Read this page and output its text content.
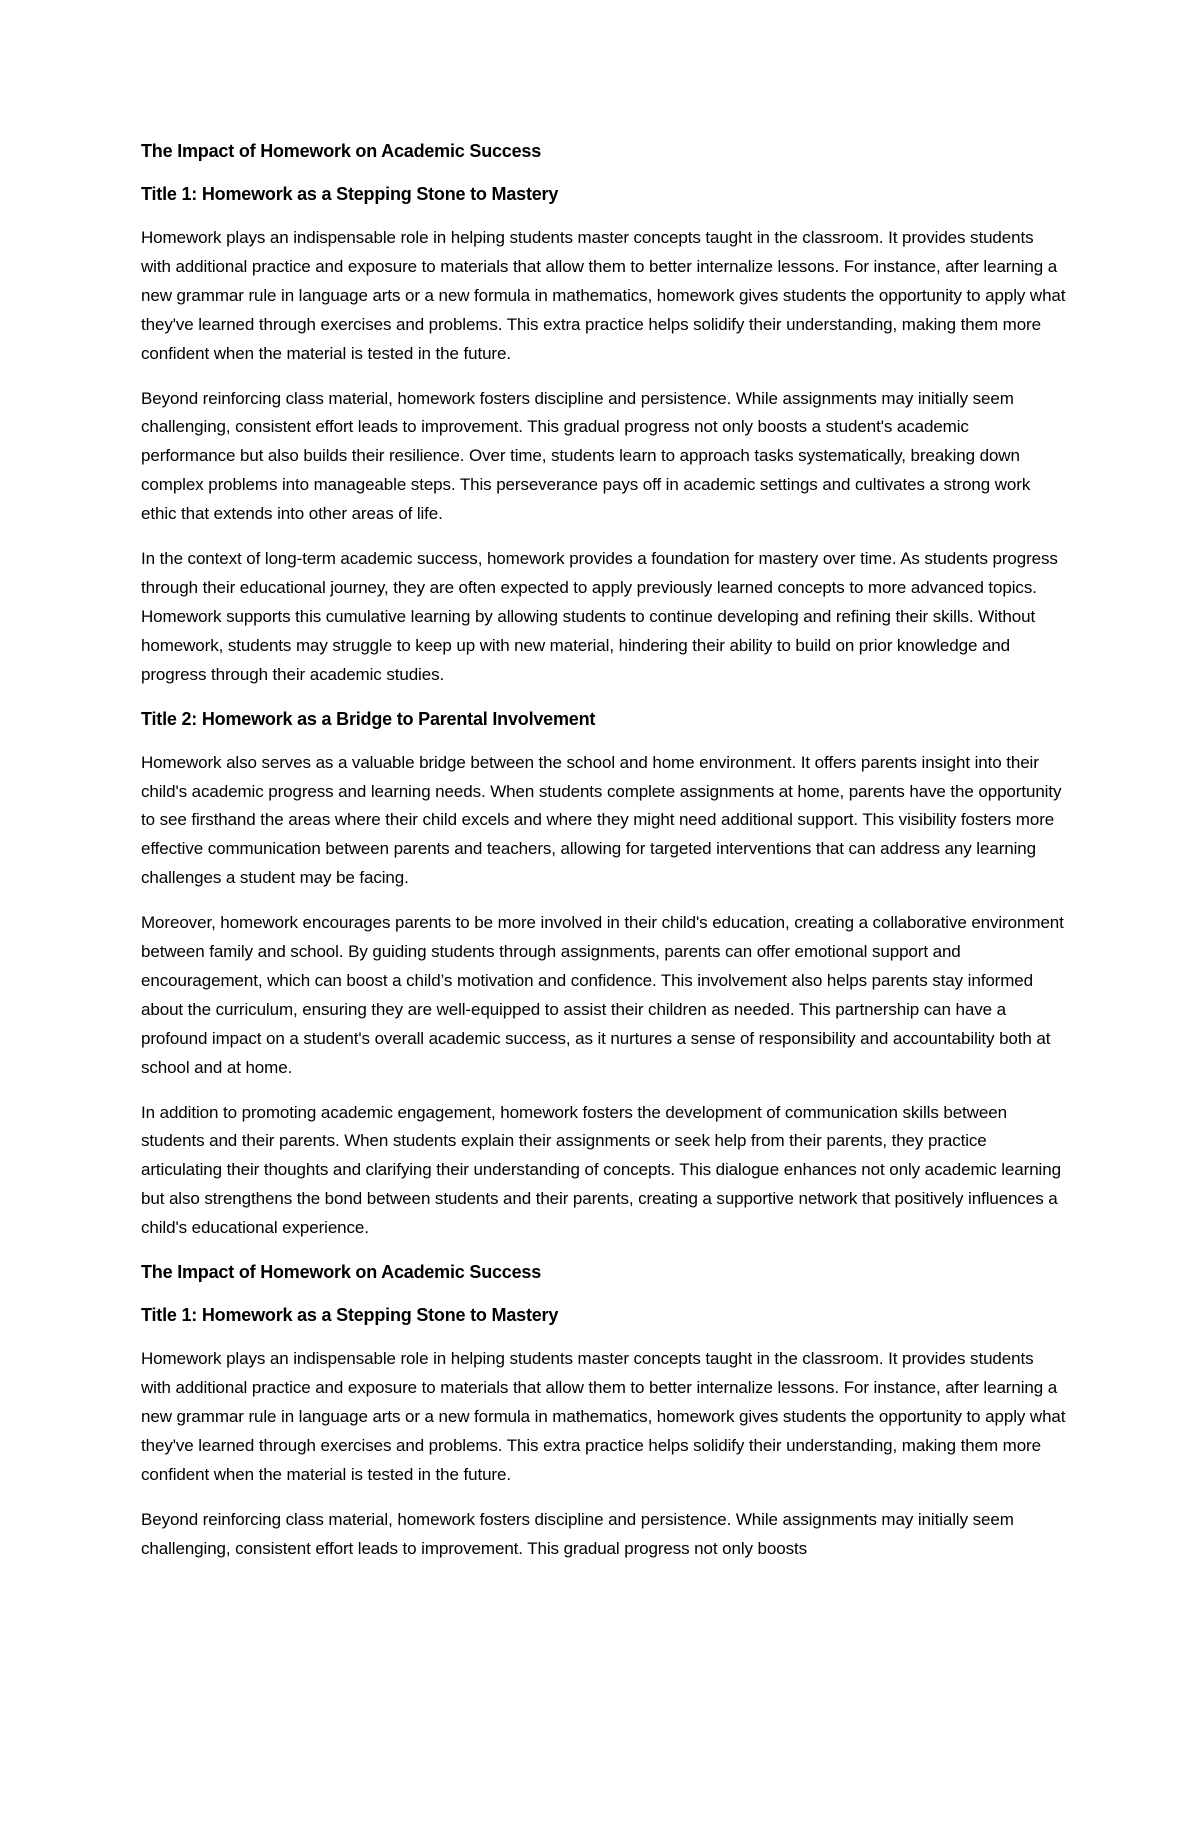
The Impact of Homework on Academic Success
Title 1: Homework as a Stepping Stone to Mastery

Homework plays an indispensable role in helping students master concepts taught in the classroom. It provides students with additional practice and exposure to materials that allow them to better internalize lessons. For instance, after learning a new grammar rule in language arts or a new formula in mathematics, homework gives students the opportunity to apply what they've learned through exercises and problems. This extra practice helps solidify their understanding, making them more confident when the material is tested in the future.

Beyond reinforcing class material, homework fosters discipline and persistence. While assignments may initially seem challenging, consistent effort leads to improvement. This gradual progress not only boosts a student's academic performance but also builds their resilience. Over time, students learn to approach tasks systematically, breaking down complex problems into manageable steps. This perseverance pays off in academic settings and cultivates a strong work ethic that extends into other areas of life.

In the context of long-term academic success, homework provides a foundation for mastery over time. As students progress through their educational journey, they are often expected to apply previously learned concepts to more advanced topics. Homework supports this cumulative learning by allowing students to continue developing and refining their skills. Without homework, students may struggle to keep up with new material, hindering their ability to build on prior knowledge and progress through their academic studies.

Title 2: Homework as a Bridge to Parental Involvement

Homework also serves as a valuable bridge between the school and home environment. It offers parents insight into their child's academic progress and learning needs. When students complete assignments at home, parents have the opportunity to see firsthand the areas where their child excels and where they might need additional support. This visibility fosters more effective communication between parents and teachers, allowing for targeted interventions that can address any learning challenges a student may be facing.

Moreover, homework encourages parents to be more involved in their child's education, creating a collaborative environment between family and school. By guiding students through assignments, parents can offer emotional support and encouragement, which can boost a child’s motivation and confidence. This involvement also helps parents stay informed about the curriculum, ensuring they are well-equipped to assist their children as needed. This partnership can have a profound impact on a student's overall academic success, as it nurtures a sense of responsibility and accountability both at school and at home.

In addition to promoting academic engagement, homework fosters the development of communication skills between students and their parents. When students explain their assignments or seek help from their parents, they practice articulating their thoughts and clarifying their understanding of concepts. This dialogue enhances not only academic learning but also strengthens the bond between students and their parents, creating a supportive network that positively influences a child's educational experience.

The Impact of Homework on Academic Success
Title 1: Homework as a Stepping Stone to Mastery

Homework plays an indispensable role in helping students master concepts taught in the classroom. It provides students with additional practice and exposure to materials that allow them to better internalize lessons. For instance, after learning a new grammar rule in language arts or a new formula in mathematics, homework gives students the opportunity to apply what they've learned through exercises and problems. This extra practice helps solidify their understanding, making them more confident when the material is tested in the future.

Beyond reinforcing class material, homework fosters discipline and persistence. While assignments may initially seem challenging, consistent effort leads to improvement. This gradual progress not only boosts
